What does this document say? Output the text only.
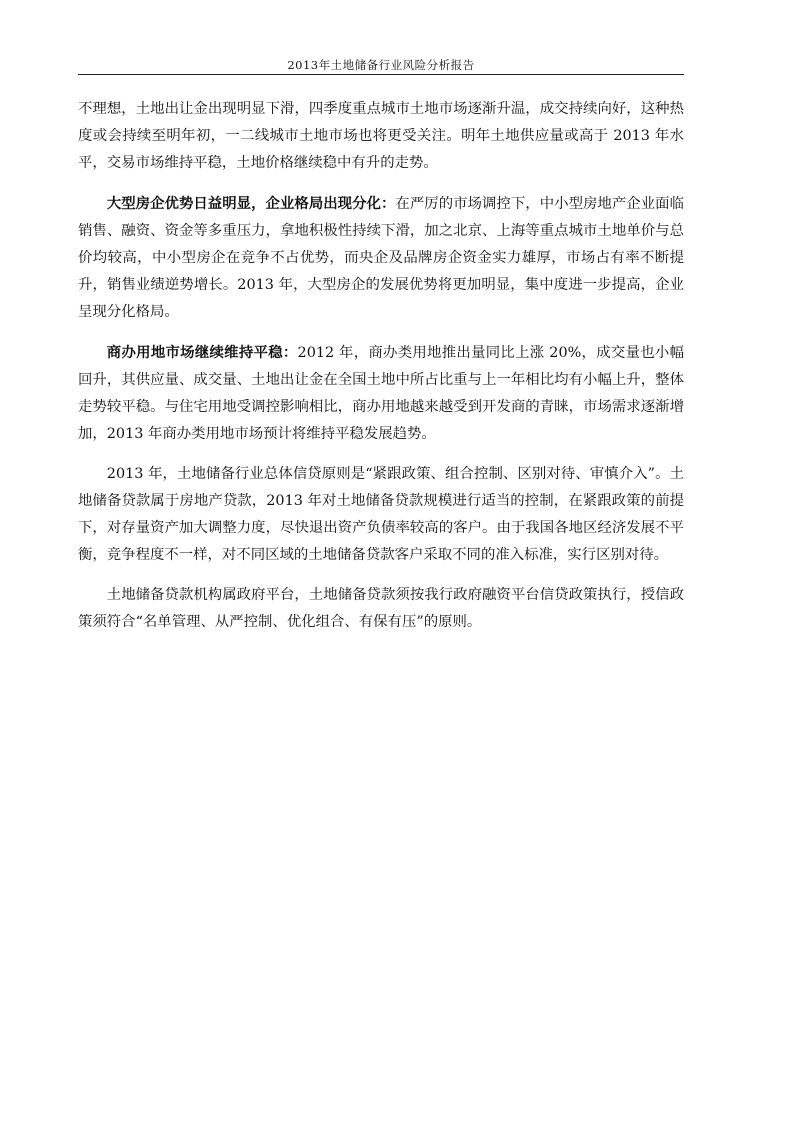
2013年土地储备行业风险分析报告

不理想，土地出让金出现明显下滑，四季度重点城市土地市场逐渐升温，成交持续向好，这种热度或会持续至明年初，一二线城市土地市场也将更受关注。明年土地供应量或高于 2013 年水平，交易市场维持平稳，土地价格继续稳中有升的走势。

大型房企优势日益明显，企业格局出现分化：在严厉的市场调控下，中小型房地产企业面临销售、融资、资金等多重压力，拿地积极性持续下滑，加之北京、上海等重点城市土地单价与总价均较高，中小型房企在竞争不占优势，而央企及品牌房企资金实力雄厚，市场占有率不断提升，销售业绩逆势增长。2013 年，大型房企的发展优势将更加明显，集中度进一步提高，企业呈现分化格局。

商办用地市场继续维持平稳：2012 年，商办类用地推出量同比上涨 20%，成交量也小幅回升，其供应量、成交量、土地出让金在全国土地中所占比重与上一年相比均有小幅上升，整体走势较平稳。与住宅用地受调控影响相比，商办用地越来越受到开发商的青睐，市场需求逐渐增加，2013 年商办类用地市场预计将维持平稳发展趋势。

2013 年，土地储备行业总体信贷原则是“紧跟政策、组合控制、区别对待、审慎介入”。土地储备贷款属于房地产贷款，2013 年对土地储备贷款规模进行适当的控制，在紧跟政策的前提下，对存量资产加大调整力度，尽快退出资产负债率较高的客户。由于我国各地区经济发展不平衡，竞争程度不一样，对不同区域的土地储备贷款客户采取不同的准入标准，实行区别对待。

土地储备贷款机构属政府平台，土地储备贷款须按我行政府融资平台信贷政策执行，授信政策须符合“名单管理、从严控制、优化组合、有保有压”的原则。
